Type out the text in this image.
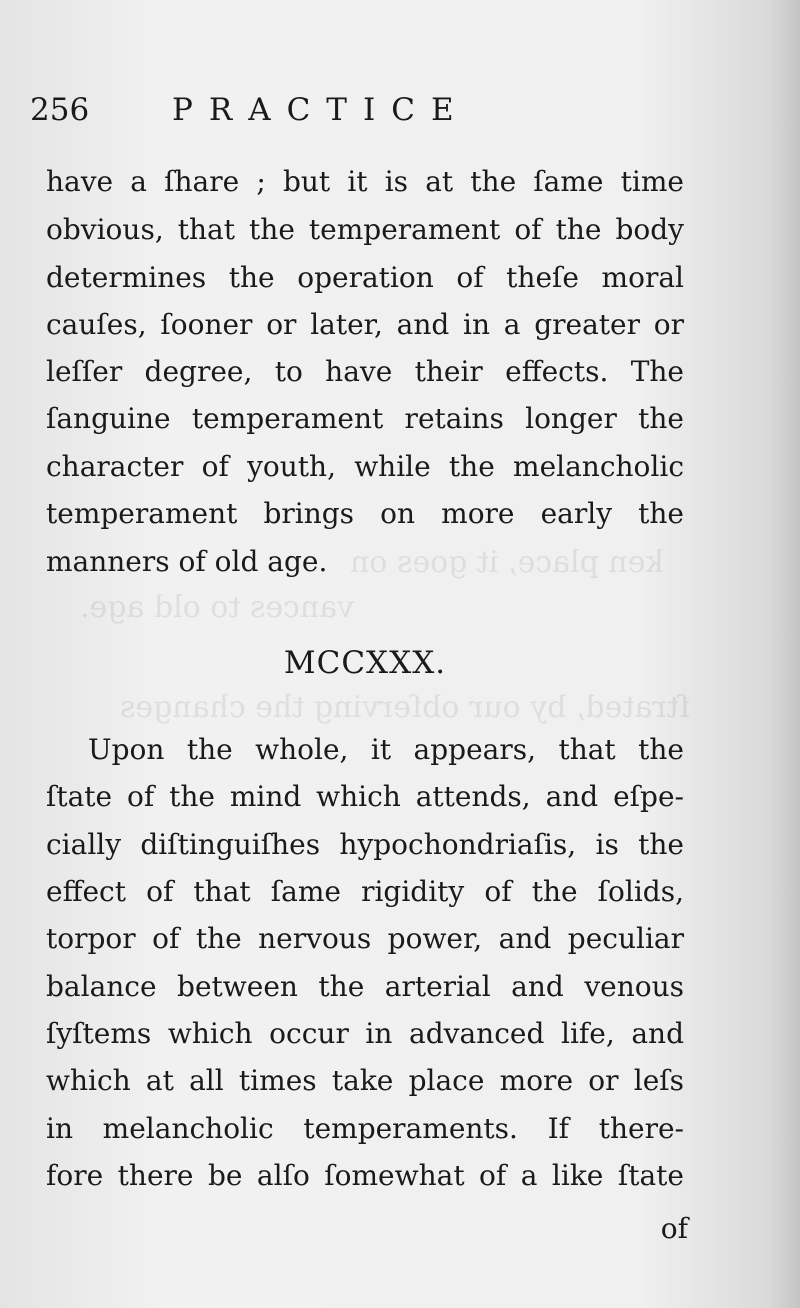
vances to old age.
ken place, it goes on
ſtrated, by our obſerving the changes
256	PRACTICE
have a ſhare ; but it is at the ſame time
obvious, that the temperament of the body
determines the operation of theſe moral
cauſes, ſooner or later, and in a greater or
leſſer degree, to have their effects. The
ſanguine temperament retains longer the
character of youth, while the melancholic
temperament brings on more early the
manners of old age.
MCCXXX.
Upon the whole, it appears, that the
ſtate of the mind which attends, and eſpe-
cially diſtinguiſhes hypochondriaſis, is the
effect of that ſame rigidity of the ſolids,
torpor of the nervous power, and peculiar
balance between the arterial and venous
ſyſtems which occur in advanced life, and
which at all times take place more or leſs
in melancholic temperaments. If there-
fore there be alſo ſomewhat of a like ſtate
of
